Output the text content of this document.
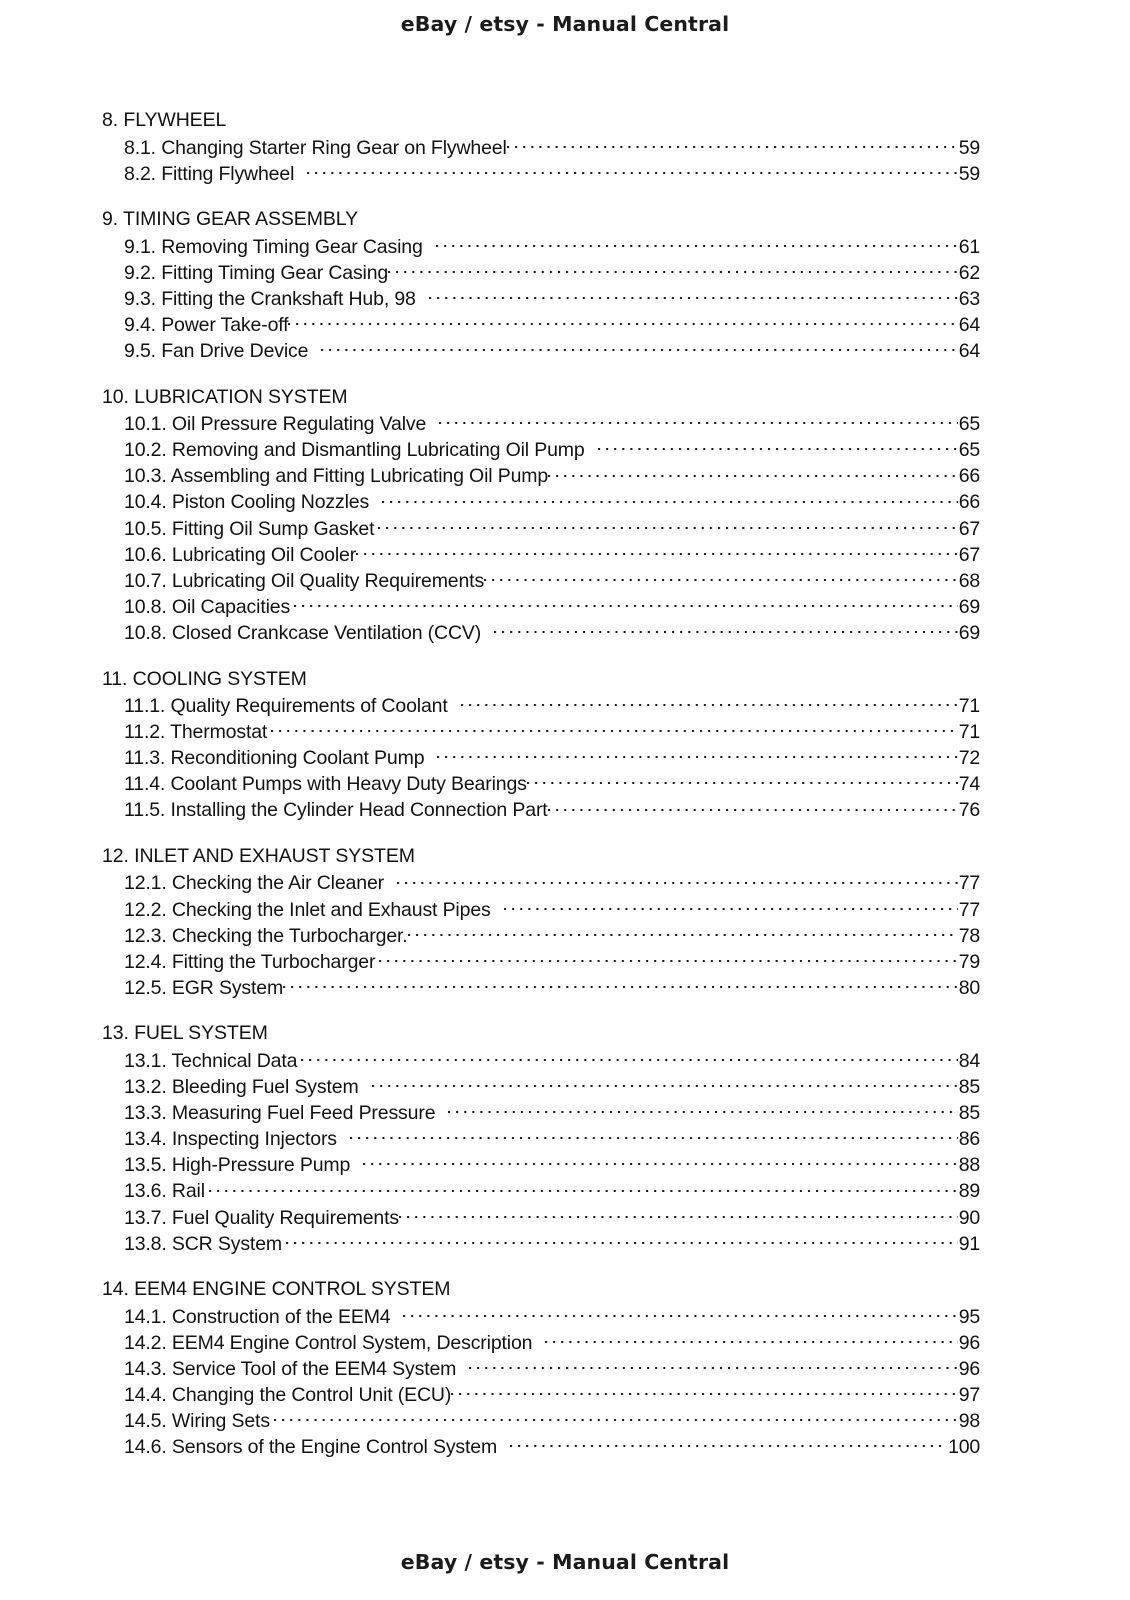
eBay / etsy - Manual Central
8. FLYWHEEL
8.1. Changing Starter Ring Gear on Flywheel	59
8.2. Fitting Flywheel	59
9. TIMING GEAR ASSEMBLY
9.1. Removing Timing Gear Casing	61
9.2. Fitting Timing Gear Casing	62
9.3. Fitting the Crankshaft Hub, 98	63
9.4. Power Take-off	64
9.5. Fan Drive Device	64
10. LUBRICATION SYSTEM
10.1. Oil Pressure Regulating Valve	65
10.2. Removing and Dismantling Lubricating Oil Pump	65
10.3. Assembling and Fitting Lubricating Oil Pump	66
10.4. Piston Cooling Nozzles	66
10.5. Fitting Oil Sump Gasket	67
10.6. Lubricating Oil Cooler	67
10.7. Lubricating Oil Quality Requirements	68
10.8. Oil Capacities	69
10.8. Closed Crankcase Ventilation (CCV)	69
11. COOLING SYSTEM
11.1. Quality Requirements of Coolant	71
11.2. Thermostat	71
11.3. Reconditioning Coolant Pump	72
11.4. Coolant Pumps with Heavy Duty Bearings	74
11.5. Installing the Cylinder Head Connection Part	76
12. INLET AND EXHAUST SYSTEM
12.1. Checking the Air Cleaner	77
12.2. Checking the Inlet and Exhaust Pipes	77
12.3. Checking the Turbocharger.	78
12.4. Fitting the Turbocharger	79
12.5. EGR System	80
13. FUEL SYSTEM
13.1. Technical Data	84
13.2. Bleeding Fuel System	85
13.3. Measuring Fuel Feed Pressure	85
13.4. Inspecting Injectors	86
13.5. High-Pressure Pump	88
13.6. Rail	89
13.7. Fuel Quality Requirements	90
13.8. SCR System	91
14. EEM4 ENGINE CONTROL SYSTEM
14.1. Construction of the EEM4	95
14.2. EEM4 Engine Control System, Description	96
14.3. Service Tool of the EEM4 System	96
14.4. Changing the Control Unit (ECU)	97
14.5. Wiring Sets	98
14.6. Sensors of the Engine Control System	100
eBay / etsy - Manual Central
